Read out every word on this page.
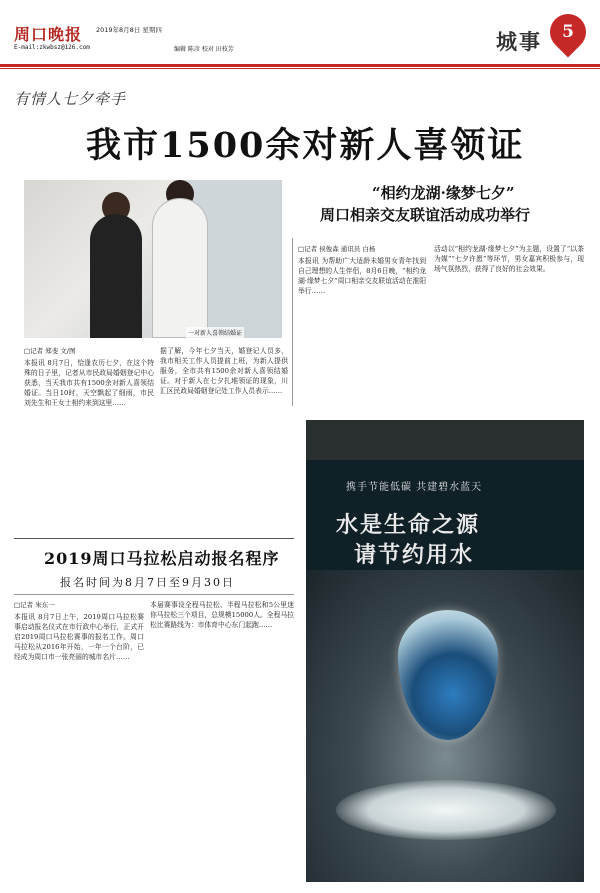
周口晚报 2019年8月8日 星期四
E-mail:zkwbsz@126.com	编辑 陈彦 校对 田枝芳	城事	5
有情人七夕牵手
我市1500余对新人喜领证
一对新人喜领结婚证
□记者 郑斐 文/图
本报讯 8月7日，恰逢农历七夕，在这个特殊的日子里，记者从市民政局婚姻登记中心获悉，当天我市共有1500余对新人喜领结婚证。当日10时，天空飘起了细雨，市民刘先生和王女士相约来到这里……
据了解，今年七夕当天，婚登记人员多，我市相关工作人员提前上班，为新人提供服务，全市共有1500余对新人喜领结婚证。对于新人在七夕扎堆领证的现象，川汇区民政局婚姻登记处工作人员表示……
“相约龙湖·缘梦七夕”
周口相亲交友联谊活动成功举行
□记者 侯俊森 通讯员 白杨
本报讯 为帮助广大适龄未婚男女青年找到自己理想的人生伴侣，8月6日晚，“相约龙湖·缘梦七夕”周口相亲交友联谊活动在淮阳举行……
活动以“相约龙湖·缘梦七夕”为主题，设置了“以茶为媒”“七夕许愿”等环节，男女嘉宾积极参与，现场气氛热烈，获得了良好的社会效果。
2019周口马拉松启动报名程序
报名时间为8月7日至9月30日
□记者 朱东一
本报讯 8月7日上午，2019周口马拉松赛事启动报名仪式在市行政中心举行，正式开启2019周口马拉松赛事的报名工作。周口马拉松从2016年开始，一年一个台阶，已经成为周口市一张亮丽的城市名片……
本届赛事设全程马拉松、半程马拉松和5公里迷你马拉松三个项目，总规模15000人。全程马拉松比赛路线为：市体育中心东门起跑……
携手节能低碳 共建碧水蓝天
水是生命之源
请节约用水
